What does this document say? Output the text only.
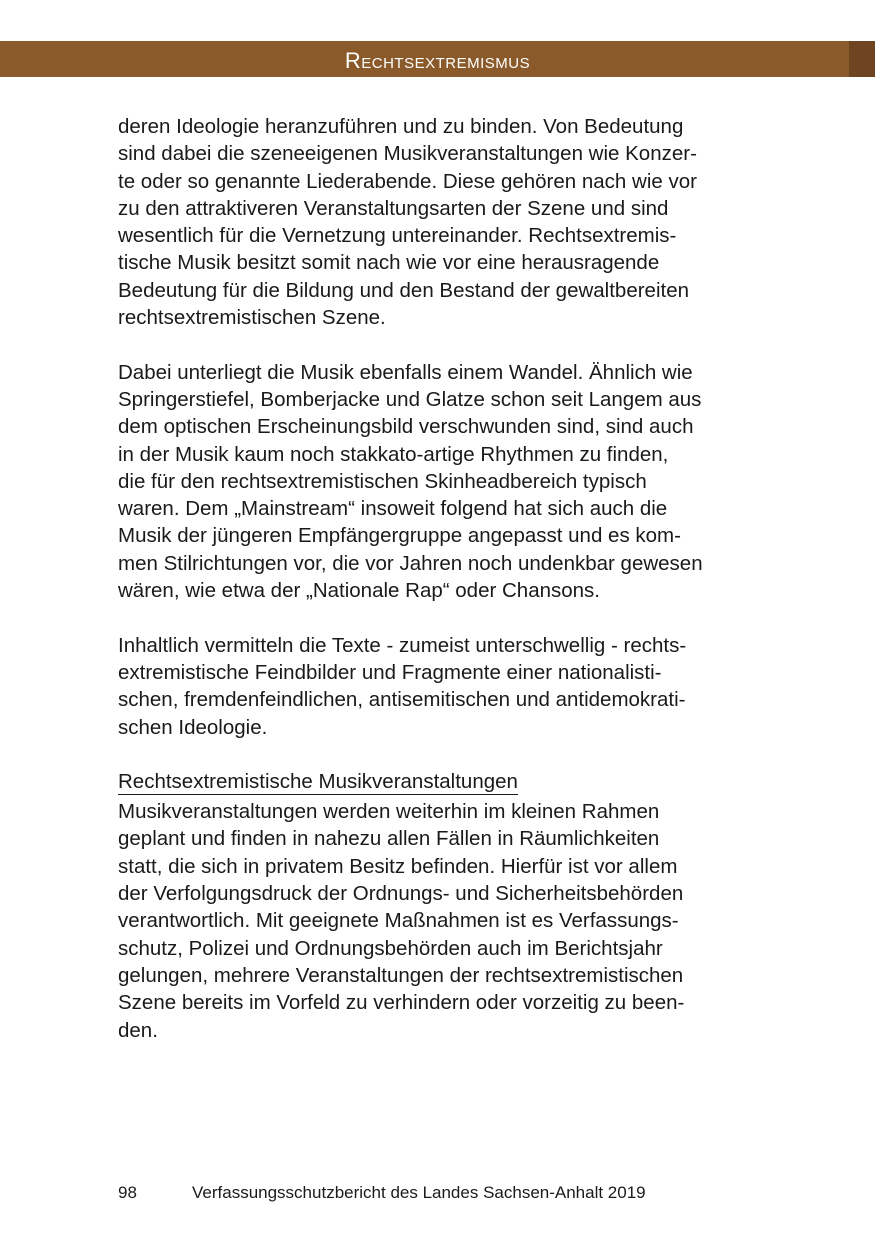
Rechtsextremismus

deren Ideologie heranzuführen und zu binden. Von Bedeutung
sind dabei die szeneeigenen Musikveranstaltungen wie Konzer-
te oder so genannte Liederabende. Diese gehören nach wie vor
zu den attraktiveren Veranstaltungsarten der Szene und sind
wesentlich für die Vernetzung untereinander. Rechtsextremis-
tische Musik besitzt somit nach wie vor eine herausragende
Bedeutung für die Bildung und den Bestand der gewaltbereiten
rechtsextremistischen Szene.

Dabei unterliegt die Musik ebenfalls einem Wandel. Ähnlich wie
Springerstiefel, Bomberjacke und Glatze schon seit Langem aus
dem optischen Erscheinungsbild verschwunden sind, sind auch
in der Musik kaum noch stakkato-artige Rhythmen zu finden,
die für den rechtsextremistischen Skinheadbereich typisch
waren. Dem „Mainstream“ insoweit folgend hat sich auch die
Musik der jüngeren Empfängergruppe angepasst und es kom-
men Stilrichtungen vor, die vor Jahren noch undenkbar gewesen
wären, wie etwa der „Nationale Rap“ oder Chansons.

Inhaltlich vermitteln die Texte - zumeist unterschwellig - rechts-
extremistische Feindbilder und Fragmente einer nationalisti-
schen, fremdenfeindlichen, antisemitischen und antidemokrati-
schen Ideologie.

Rechtsextremistische Musikveranstaltungen

Musikveranstaltungen werden weiterhin im kleinen Rahmen
geplant und finden in nahezu allen Fällen in Räumlichkeiten
statt, die sich in privatem Besitz befinden. Hierfür ist vor allem
der Verfolgungsdruck der Ordnungs- und Sicherheitsbehörden
verantwortlich. Mit geeignete Maßnahmen ist es Verfassungs-
schutz, Polizei und Ordnungsbehörden auch im Berichtsjahr
gelungen, mehrere Veranstaltungen der rechtsextremistischen
Szene bereits im Vorfeld zu verhindern oder vorzeitig zu been-
den.

98	Verfassungsschutzbericht des Landes Sachsen-Anhalt 2019
